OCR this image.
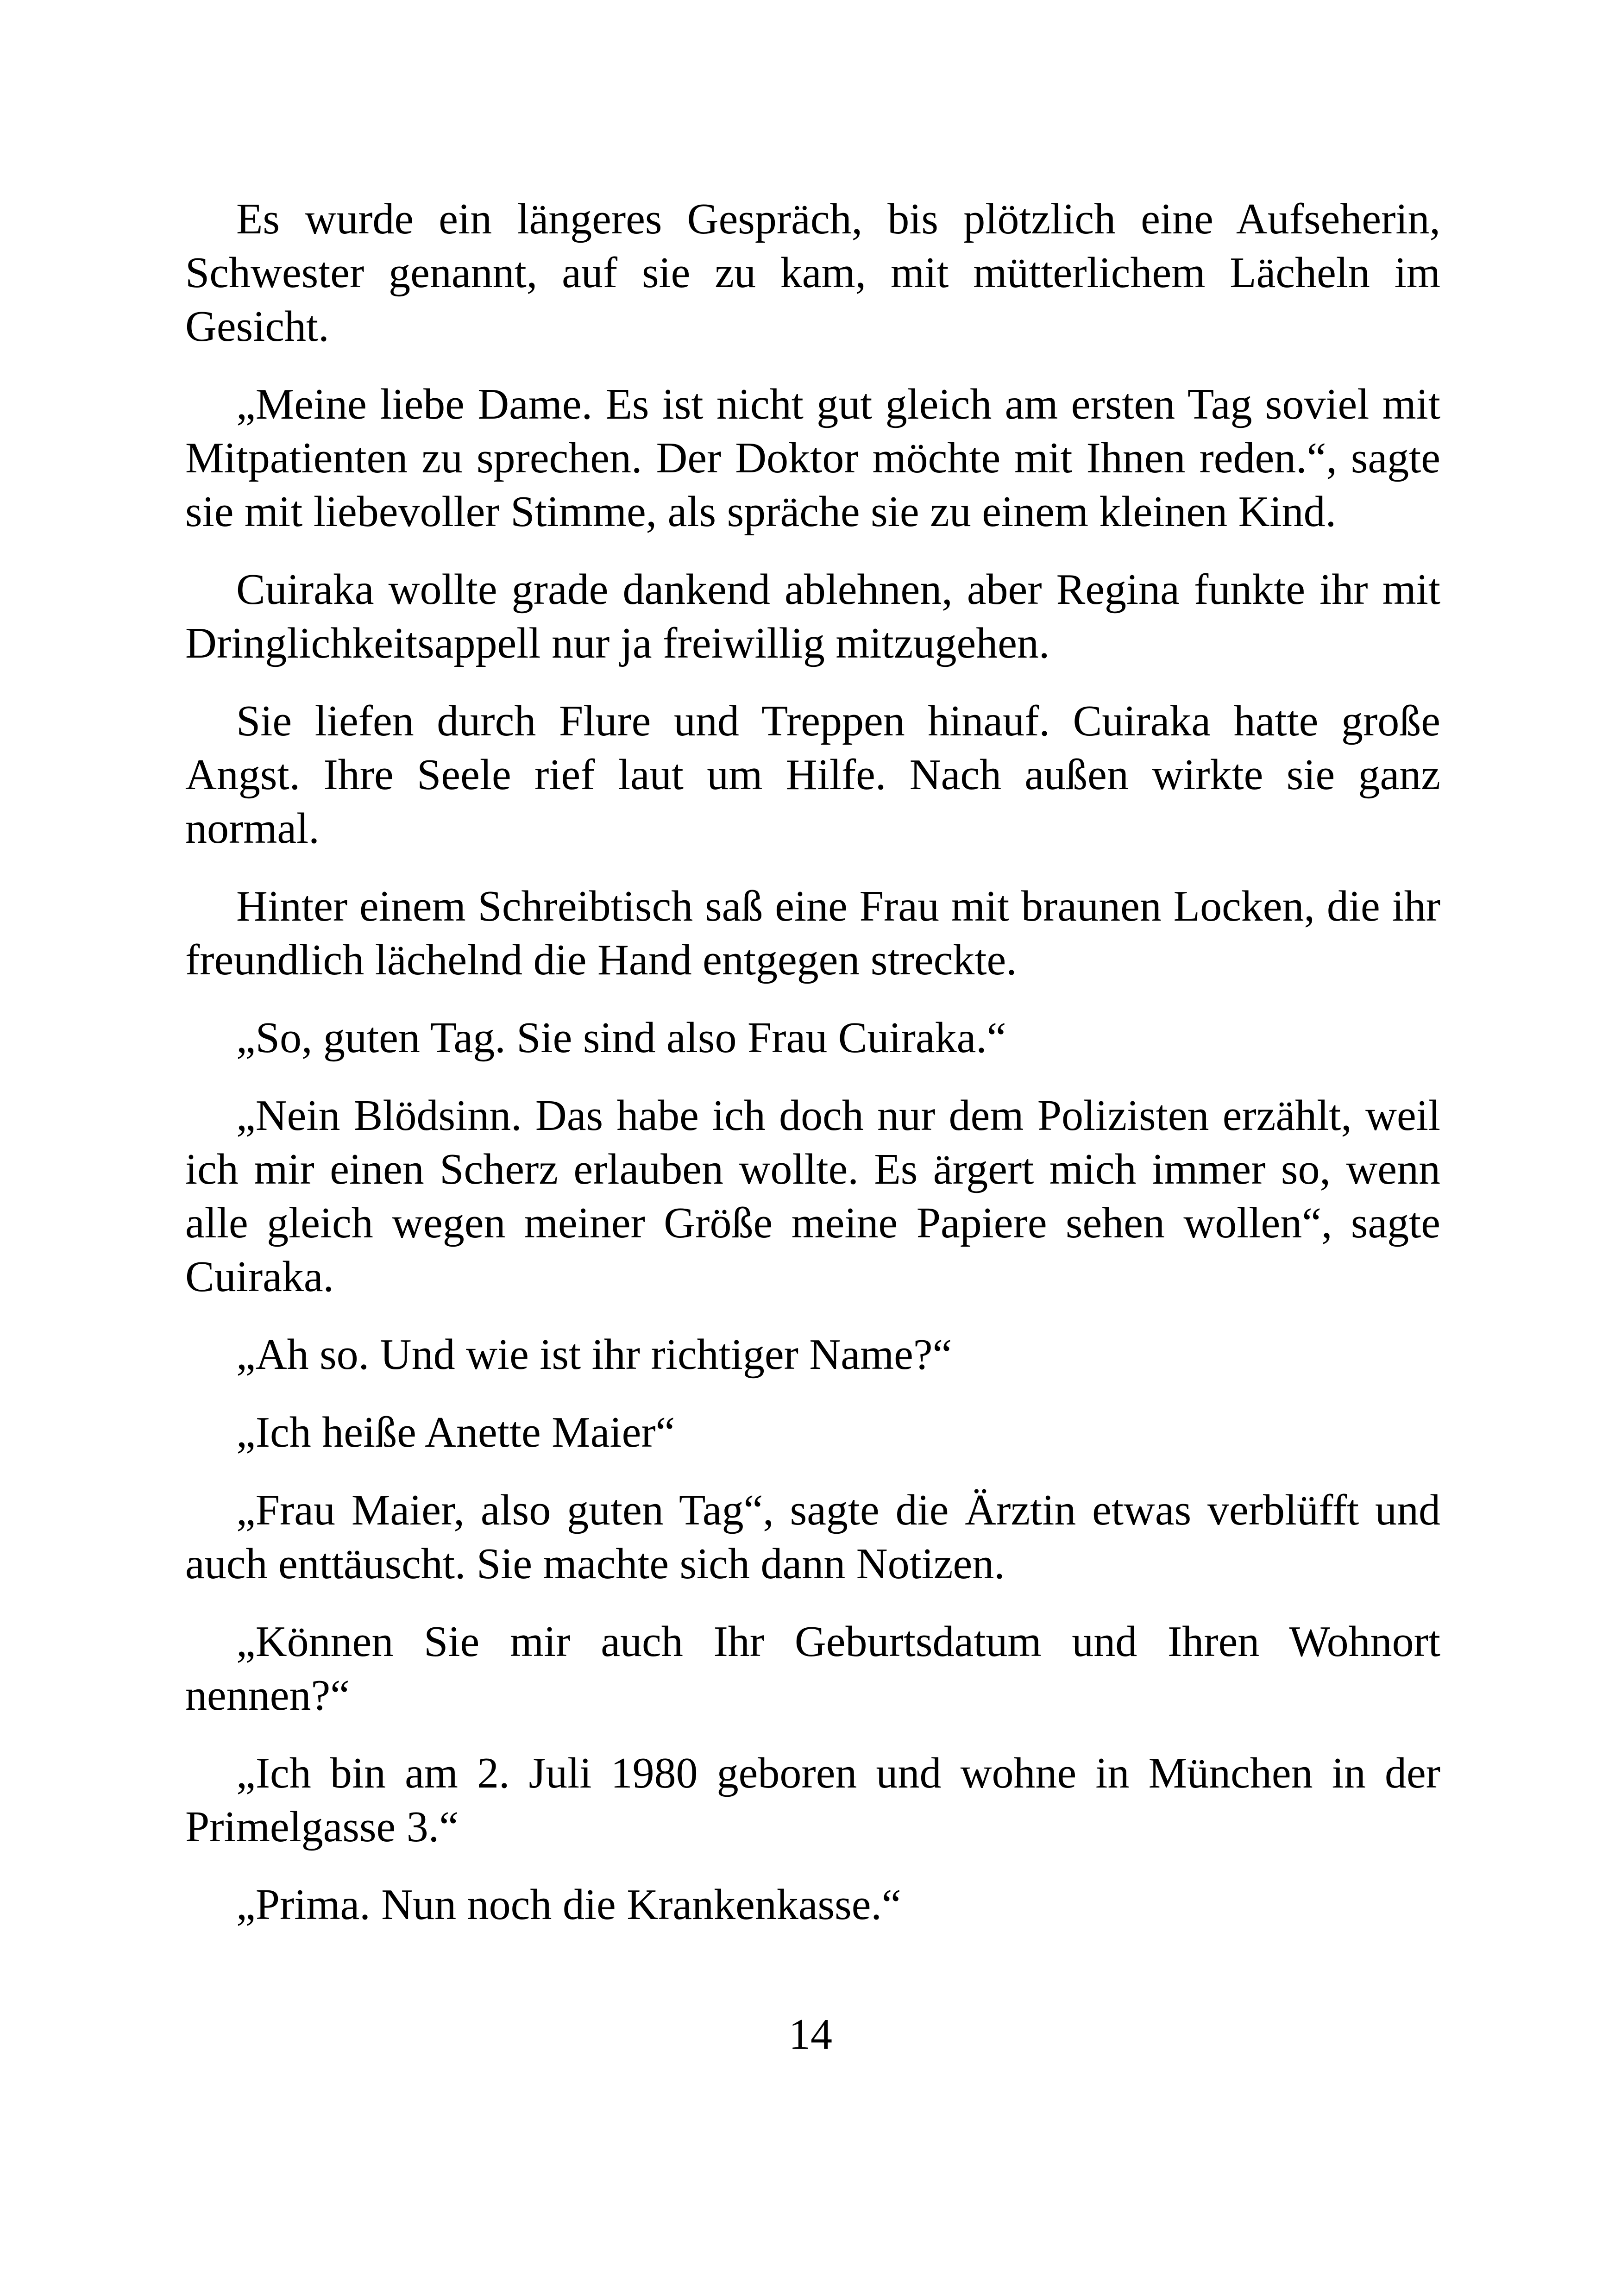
Es wurde ein längeres Gespräch, bis plötzlich eine Aufseherin, Schwester genannt, auf sie zu kam, mit mütterlichem Lächeln im Gesicht.

„Meine liebe Dame. Es ist nicht gut gleich am ersten Tag soviel mit Mitpatienten zu sprechen. Der Doktor möchte mit Ihnen reden.“, sagte sie mit liebevoller Stimme, als spräche sie zu einem kleinen Kind.

Cuiraka wollte grade dankend ablehnen, aber Regina funkte ihr mit Dringlichkeitsappell nur ja freiwillig mitzugehen.

Sie liefen durch Flure und Treppen hinauf. Cuiraka hatte große Angst. Ihre Seele rief laut um Hilfe. Nach außen wirkte sie ganz normal.

Hinter einem Schreibtisch saß eine Frau mit braunen Locken, die ihr freundlich lächelnd die Hand entgegen streckte.

„So, guten Tag. Sie sind also Frau Cuiraka.“

„Nein Blödsinn. Das habe ich doch nur dem Polizisten erzählt, weil ich mir einen Scherz erlauben wollte. Es ärgert mich immer so, wenn alle gleich wegen meiner Größe meine Papiere sehen wollen“, sagte Cuiraka.

„Ah so. Und wie ist ihr richtiger Name?“

„Ich heiße Anette Maier“

„Frau Maier, also guten Tag“, sagte die Ärztin etwas verblüfft und auch enttäuscht. Sie machte sich dann Notizen.

„Können Sie mir auch Ihr Geburtsdatum und Ihren Wohnort nennen?“

„Ich bin am 2. Juli 1980 geboren und wohne in München in der Primelgasse 3.“

„Prima. Nun noch die Krankenkasse.“

14
